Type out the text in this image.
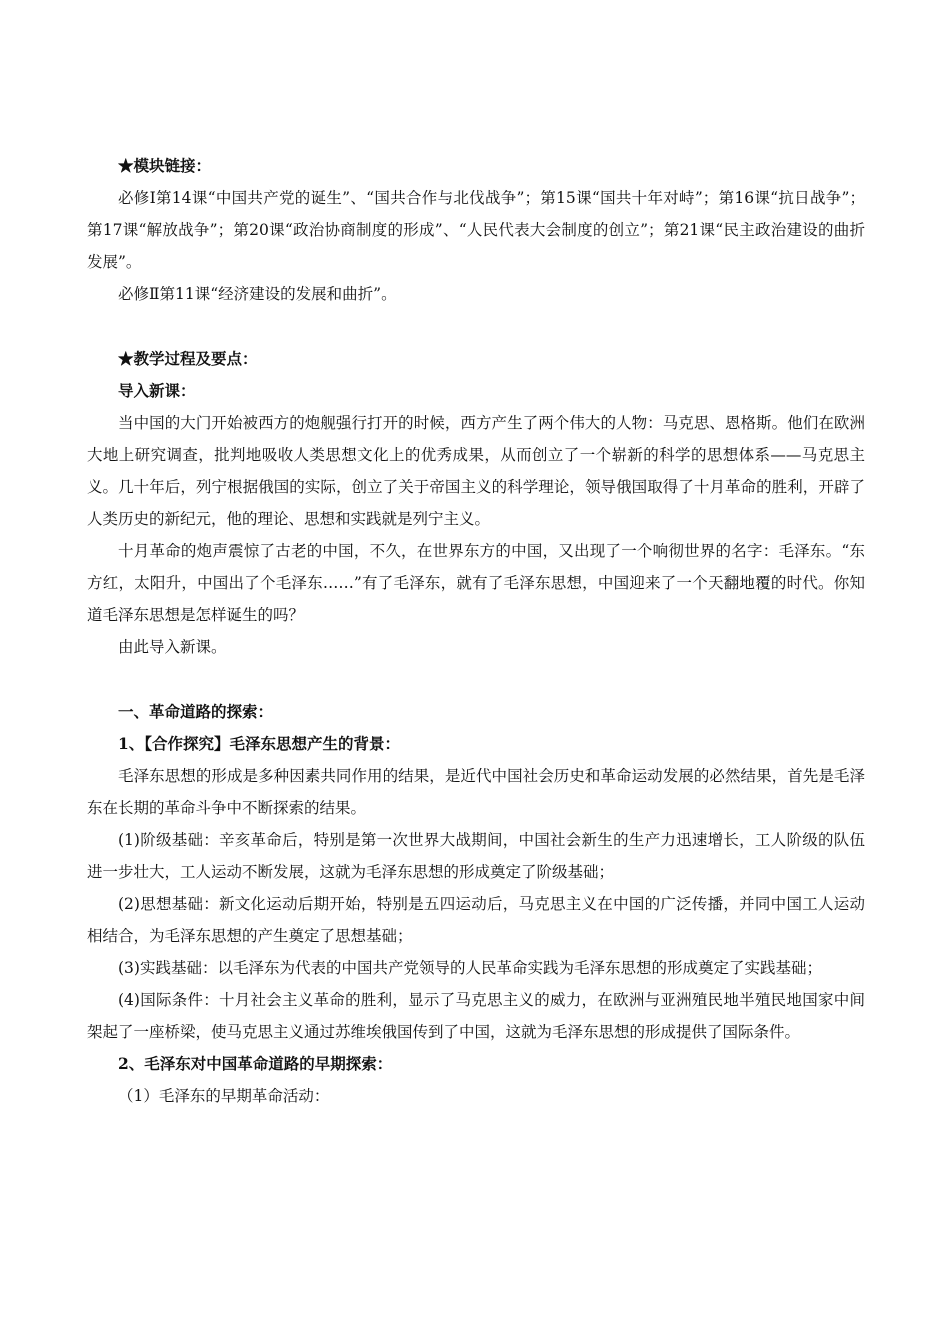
★模块链接：

必修Ⅰ第14课“中国共产党的诞生”、“国共合作与北伐战争”；第15课“国共十年对峙”；第16课“抗日战争”；第17课“解放战争”；第20课“政治协商制度的形成”、“人民代表大会制度的创立”；第21课“民主政治建设的曲折发展”。

必修Ⅱ第11课“经济建设的发展和曲折”。

★教学过程及要点：

导入新课：

当中国的大门开始被西方的炮舰强行打开的时候，西方产生了两个伟大的人物：马克思、恩格斯。他们在欧洲大地上研究调查，批判地吸收人类思想文化上的优秀成果，从而创立了一个崭新的科学的思想体系——马克思主义。几十年后，列宁根据俄国的实际，创立了关于帝国主义的科学理论，领导俄国取得了十月革命的胜利，开辟了人类历史的新纪元，他的理论、思想和实践就是列宁主义。

十月革命的炮声震惊了古老的中国，不久，在世界东方的中国，又出现了一个响彻世界的名字：毛泽东。“东方红，太阳升，中国出了个毛泽东……”有了毛泽东，就有了毛泽东思想，中国迎来了一个天翻地覆的时代。你知道毛泽东思想是怎样诞生的吗？

由此导入新课。

一、革命道路的探索：

1、【合作探究】毛泽东思想产生的背景：

毛泽东思想的形成是多种因素共同作用的结果，是近代中国社会历史和革命运动发展的必然结果，首先是毛泽东在长期的革命斗争中不断探索的结果。

(1)阶级基础：辛亥革命后，特别是第一次世界大战期间，中国社会新生的生产力迅速增长，工人阶级的队伍进一步壮大，工人运动不断发展，这就为毛泽东思想的形成奠定了阶级基础；

(2)思想基础：新文化运动后期开始，特别是五四运动后，马克思主义在中国的广泛传播，并同中国工人运动相结合，为毛泽东思想的产生奠定了思想基础；

(3)实践基础：以毛泽东为代表的中国共产党领导的人民革命实践为毛泽东思想的形成奠定了实践基础；

(4)国际条件：十月社会主义革命的胜利，显示了马克思主义的威力，在欧洲与亚洲殖民地半殖民地国家中间架起了一座桥梁，使马克思主义通过苏维埃俄国传到了中国，这就为毛泽东思想的形成提供了国际条件。

2、毛泽东对中国革命道路的早期探索：

（1）毛泽东的早期革命活动：
